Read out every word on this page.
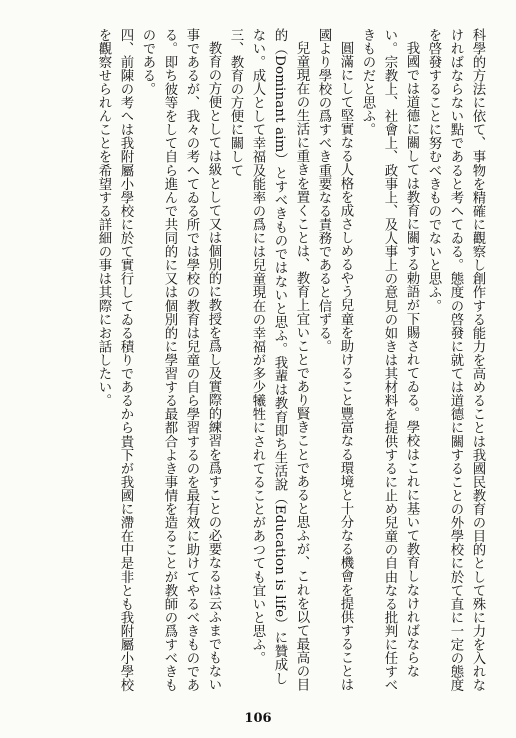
科學的方法に依て、事物を精確に觀察し創作する能力を高めることは我國民教育の目的として殊に力を入れなければならない點であると考へてゐる。態度の啓發に就ては道德に關することの外學校に於て直に一定の態度を啓發することに努むべきものでないと思ふ。

我國では道德に關しては教育に關する勅語が下賜されてゐる。學校はこれに基いて教育しなければならない。宗教上、社會上、政事上、及人事上の意見の如きは其材料を提供するに止め兒童の自由なる批判に任すべきものだと思ふ。

圓滿にして堅實なる人格を成さしめるやう兒童を助けること豐富なる環境と十分なる機會を提供することは國より學校の爲すべき重要なる責務であると信ずる。

兒童現在の生活に重きを置くことは、教育上宜いことであり賢きことであると思ふが、これを以て最高の目的（Dominant aim）とすべきものではないと思ふ。我輩は教育即ち生活說（Education is life）に贊成しない。成人として幸福及能率の爲には兒童現在の幸福が多少犧牲にされてることがあつても宜いと思ふ。

三、教育の方便に關して

教育の方便としては級として又は個別的に教授を爲し及實際的練習を爲すことの必要なるは云ふまでもない事であるが、我々の考へてゐる所では學校の教育は兒童の自ら學習するのを最有效に助けてやるべきものである。即ち彼等をして自ら進んで共同的に又は個別的に學習する最都合よき事情を造ることが教師の爲すべきものである。

四、前陳の考へは我附屬小學校に於て實行してゐる積りであるから貴下が我國に滯在中是非とも我附屬小學校を觀察せられんことを希望する詳細の事は其際にお話したい。

106
